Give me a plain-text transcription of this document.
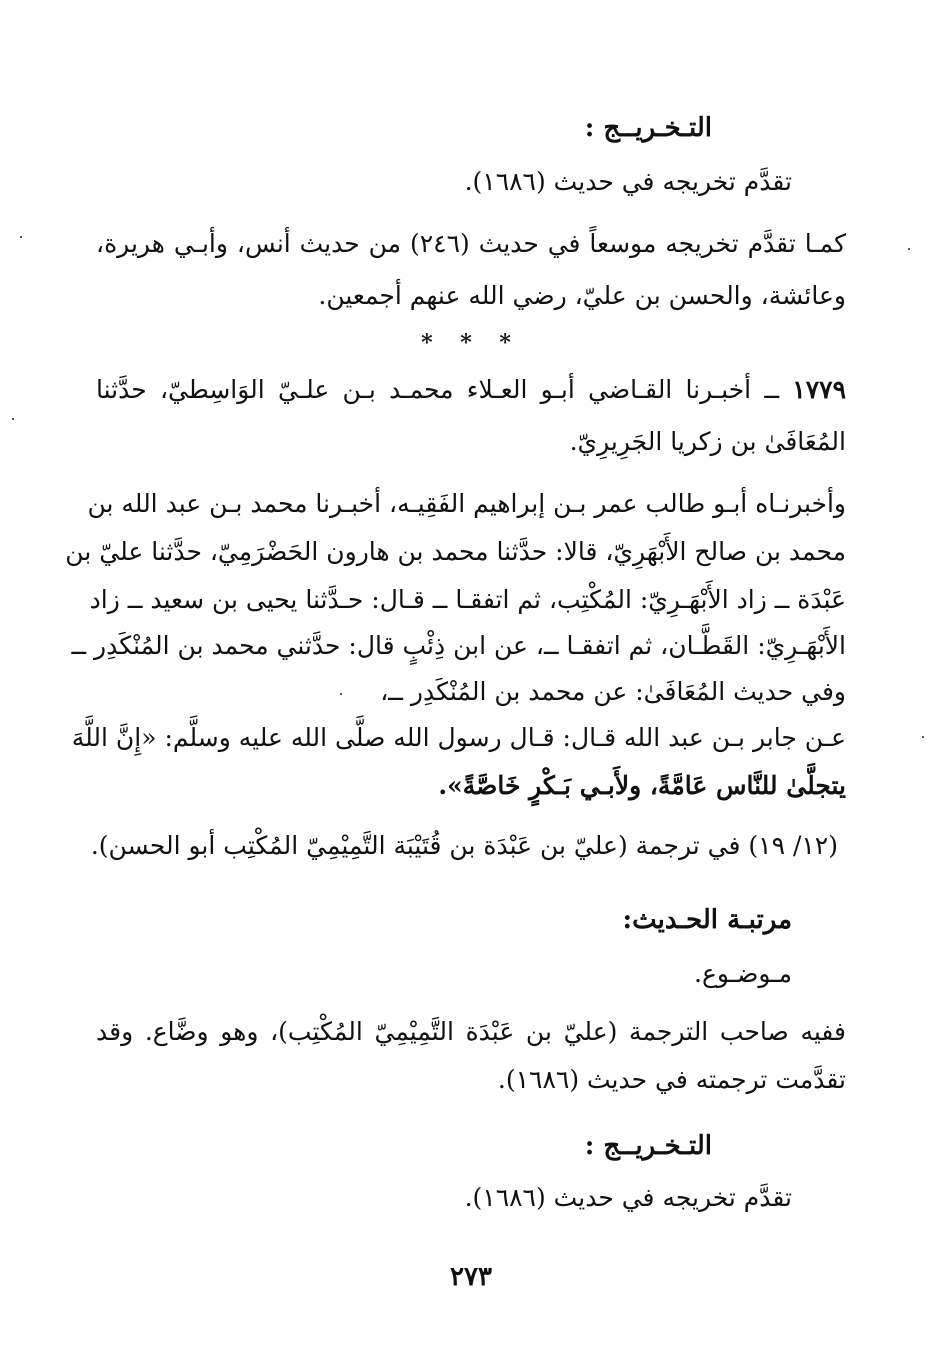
التـخـريــج :
تقدَّم تخريجه في حديث (١٦٨٦).
كمـا تقدَّم تخريجه موسعاً في حديث (٢٤٦) من حديث أنس، وأبـي هريرة،
وعائشة، والحسن بن عليّ، رضي الله عنهم أجمعين.
* * *
١٧٧٩ ــ أخبـرنا القـاضي أبـو العـلاء محمـد بـن علـيّ الوَاسِطيّ، حدَّثنا
المُعَافَىٰ بن زكريا الجَرِيرِيّ.
وأخبرنـاه أبـو طالب عمر بـن إبراهيم الفَقِيـه، أخبـرنا محمد بـن عبد الله بن
محمد بن صالح الأَبْهَرِيّ، قالا: حدَّثنا محمد بن هارون الحَضْرَمِيّ، حدَّثنا عليّ بن
عَبْدَة ــ زاد الأَبْهَـرِيّ: المُكْتِب، ثم اتفقـا ــ قـال: حـدَّثنا يحيى بن سعيد ــ زاد
الأَبْهَـرِيّ: القَطَّـان، ثم اتفقـا ــ، عن ابن ذِئْبٍ قال: حدَّثني محمد بن المُنْكَدِر ــ
وفي حديث المُعَافَىٰ: عن محمد بن المُنْكَدِر ــ،
عـن جابر بـن عبد الله قـال: قـال رسول الله صلَّى الله عليه وسلَّم: «إِنَّ اللَّهَ
يتجلَّىٰ للنَّاس عَامَّةً، ولأَبـي بَـكْرٍ خَاصَّةً».
(١٢/ ١٩) في ترجمة (عليّ بن عَبْدَة بن قُتَيْبَة التَّمِيْمِيّ المُكْتِب أبو الحسن).
مرتبـة الحـديث:
مـوضـوع.
ففيه صاحب الترجمة (عليّ بن عَبْدَة التَّمِيْمِيّ المُكْتِب)، وهو وضَّاع. وقد
تقدَّمت ترجمته في حديث (١٦٨٦).
التـخـريــج :
تقدَّم تخريجه في حديث (١٦٨٦).
٢٧٣
